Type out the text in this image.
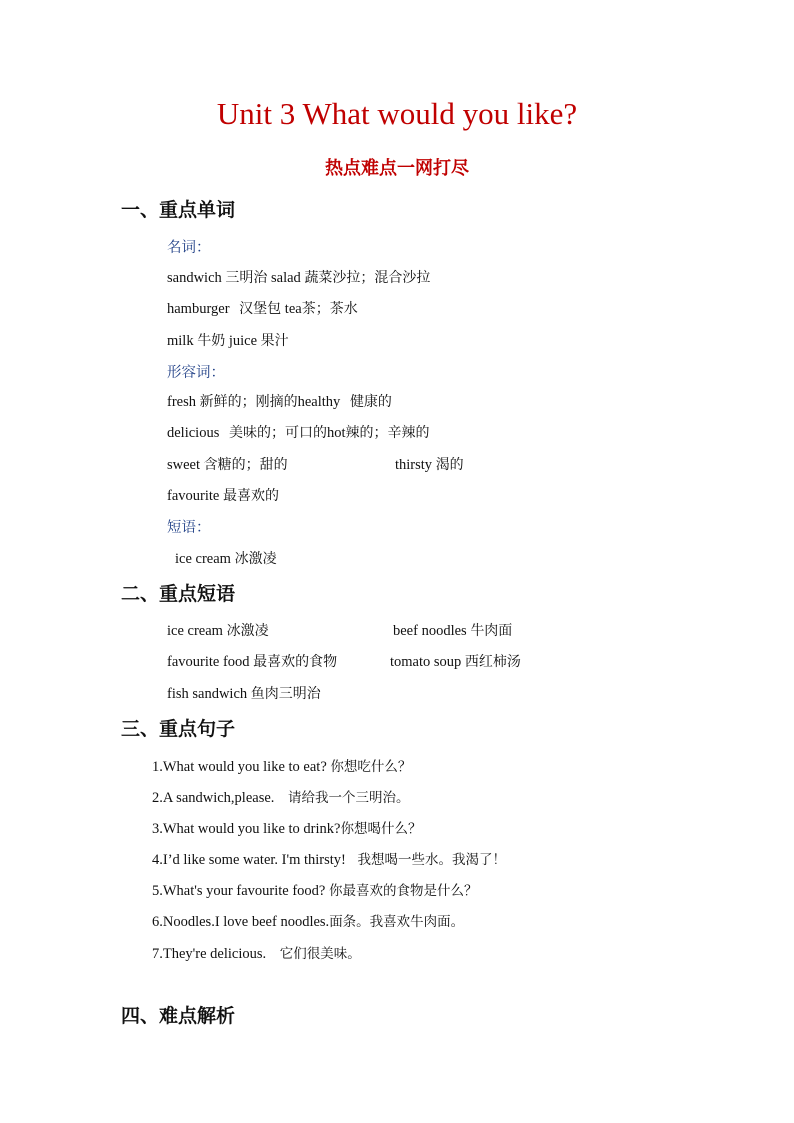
Unit 3 What would you like?
热点难点一网打尽
一、重点单词
名词：
sandwich 三明治 salad 蔬菜沙拉；混合沙拉
hamburger 汉堡包 tea茶；茶水
milk 牛奶 juice 果汁
形容词：
fresh 新鲜的；刚摘的healthy 健康的
delicious 美味的；可口的hot辣的；辛辣的
sweet 含糖的；甜的	thirsty 渴的
favourite 最喜欢的
短语：
ice cream 冰激凌
二、重点短语
ice cream 冰激凌	beef noodles 牛肉面
favourite food 最喜欢的食物	tomato soup 西红柿汤
fish sandwich 鱼肉三明治
三、重点句子
1.What would you like to eat? 你想吃什么？
2.A sandwich,please. 请给我一个三明治。
3.What would you like to drink?你想喝什么？
4.I’d like some water. I'm thirsty! 我想喝一些水。我渴了！
5.What's your favourite food? 你最喜欢的食物是什么？
6.Noodles.I love beef noodles.面条。我喜欢牛肉面。
7.They're delicious. 它们很美味。
四、难点解析
